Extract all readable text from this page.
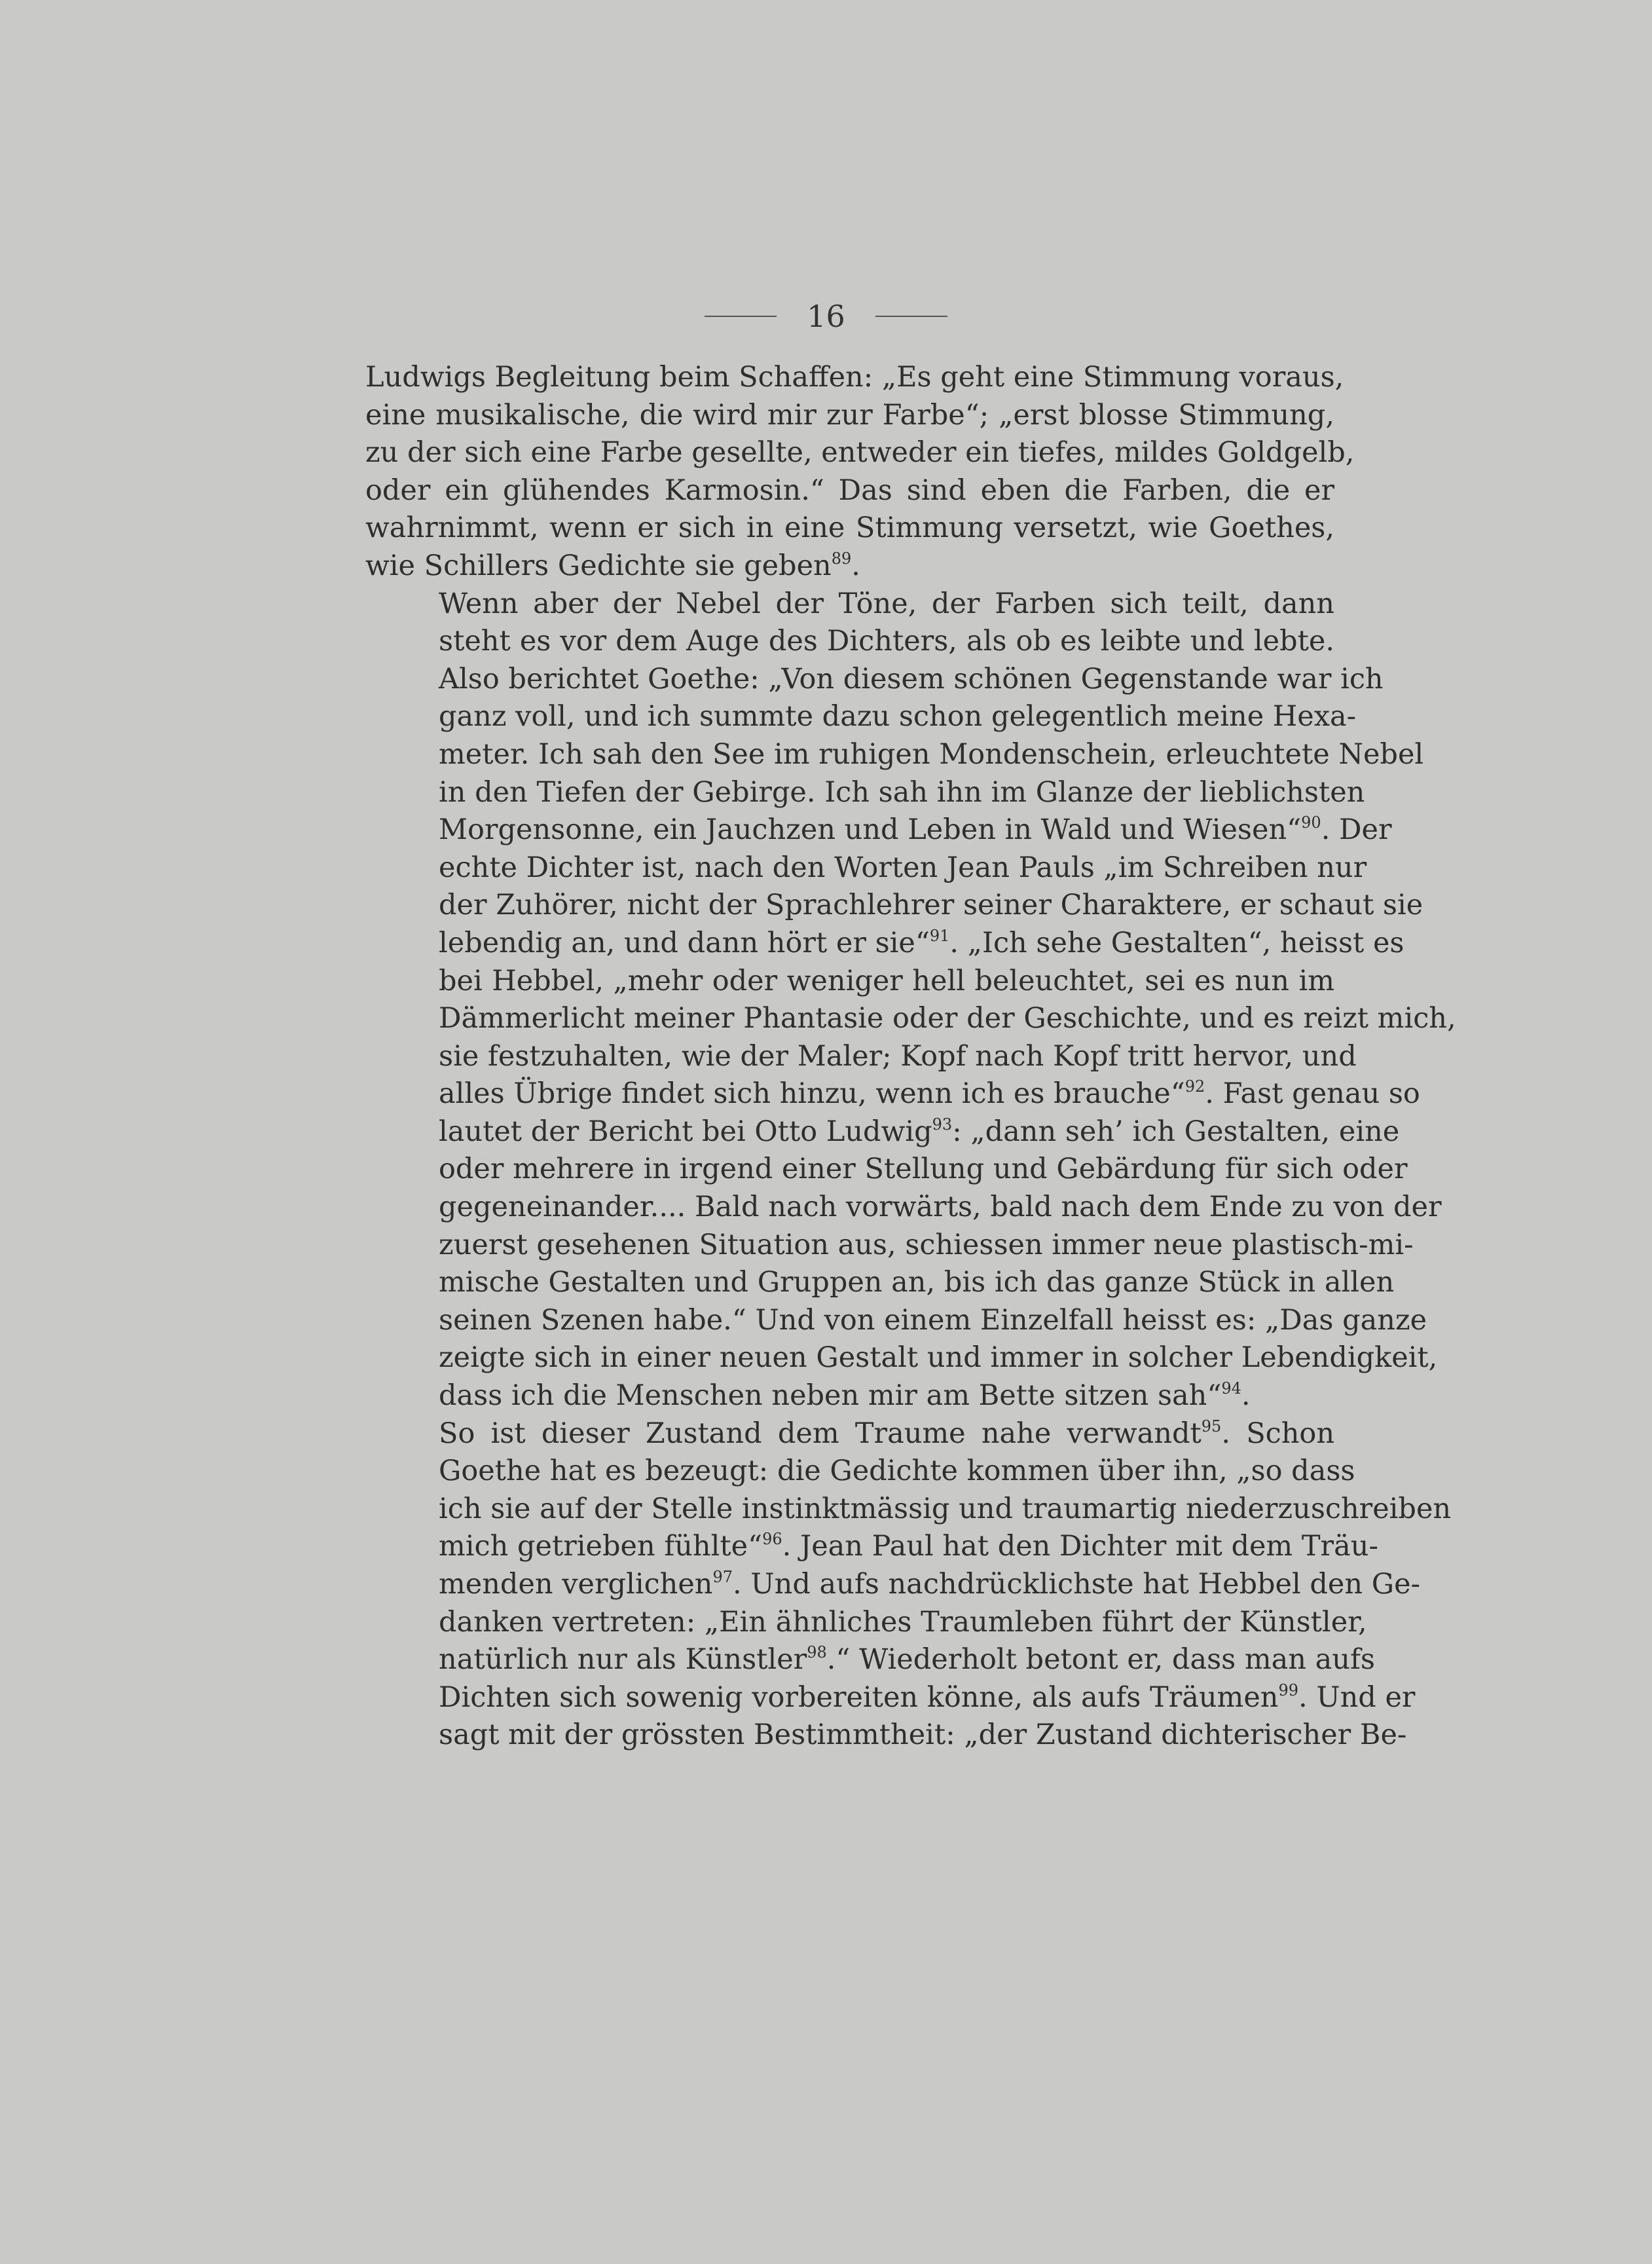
16
Ludwigs Begleitung beim Schaffen: „Es geht eine Stimmung voraus,
eine musikalische, die wird mir zur Farbe“; „erst blosse Stimmung,
zu der sich eine Farbe gesellte, entweder ein tiefes, mildes Goldgelb,
oder ein glühendes Karmosin.“ Das sind eben die Farben, die er
wahrnimmt, wenn er sich in eine Stimmung versetzt, wie Goethes,
wie Schillers Gedichte sie geben$^{89}$.
Wenn aber der Nebel der Töne, der Farben sich teilt, dann
steht es vor dem Auge des Dichters, als ob es leibte und lebte.
Also berichtet Goethe: „Von diesem schönen Gegenstande war ich
ganz voll, und ich summte dazu schon gelegentlich meine Hexa-
meter. Ich sah den See im ruhigen Mondenschein, erleuchtete Nebel
in den Tiefen der Gebirge. Ich sah ihn im Glanze der lieblichsten
Morgensonne, ein Jauchzen und Leben in Wald und Wiesen“$^{90}$. Der
echte Dichter ist, nach den Worten Jean Pauls „im Schreiben nur
der Zuhörer, nicht der Sprachlehrer seiner Charaktere, er schaut sie
lebendig an, und dann hört er sie“$^{91}$. „Ich sehe Gestalten“, heisst es
bei Hebbel, „mehr oder weniger hell beleuchtet, sei es nun im
Dämmerlicht meiner Phantasie oder der Geschichte, und es reizt mich,
sie festzuhalten, wie der Maler; Kopf nach Kopf tritt hervor, und
alles Übrige findet sich hinzu, wenn ich es brauche“$^{92}$. Fast genau so
lautet der Bericht bei Otto Ludwig$^{93}$: „dann seh’ ich Gestalten, eine
oder mehrere in irgend einer Stellung und Gebärdung für sich oder
gegeneinander.... Bald nach vorwärts, bald nach dem Ende zu von der
zuerst gesehenen Situation aus, schiessen immer neue plastisch-mi-
mische Gestalten und Gruppen an, bis ich das ganze Stück in allen
seinen Szenen habe.“ Und von einem Einzelfall heisst es: „Das ganze
zeigte sich in einer neuen Gestalt und immer in solcher Lebendigkeit,
dass ich die Menschen neben mir am Bette sitzen sah“$^{94}$.
So ist dieser Zustand dem Traume nahe verwandt$^{95}$. Schon
Goethe hat es bezeugt: die Gedichte kommen über ihn, „so dass
ich sie auf der Stelle instinktmässig und traumartig niederzuschreiben
mich getrieben fühlte“$^{96}$. Jean Paul hat den Dichter mit dem Träu-
menden verglichen$^{97}$. Und aufs nachdrücklichste hat Hebbel den Ge-
danken vertreten: „Ein ähnliches Traumleben führt der Künstler,
natürlich nur als Künstler$^{98}$.“ Wiederholt betont er, dass man aufs
Dichten sich sowenig vorbereiten könne, als aufs Träumen$^{99}$. Und er
sagt mit der grössten Bestimmtheit: „der Zustand dichterischer Be-
